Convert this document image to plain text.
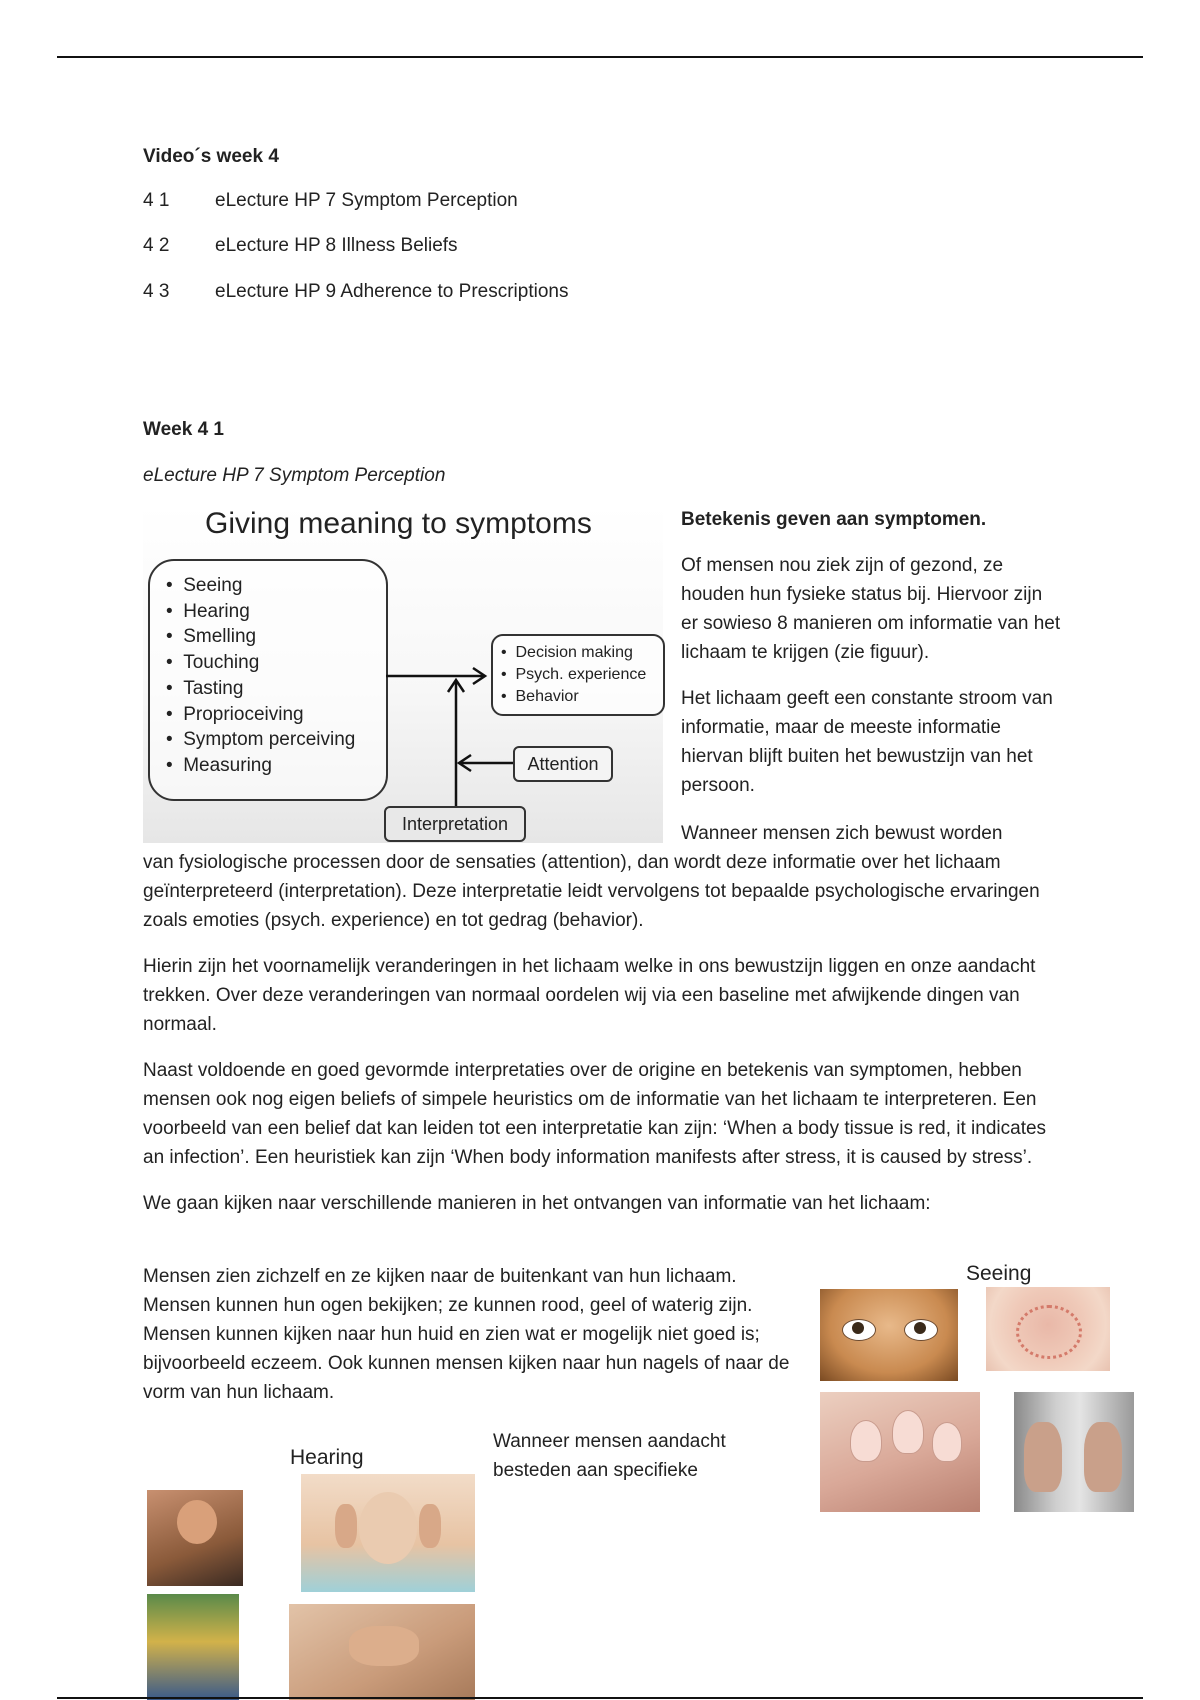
Video´s week 4
4 1 eLecture HP 7 Symptom Perception
4 2 eLecture HP 8 Illness Beliefs
4 3 eLecture HP 9 Adherence to Prescriptions
Week 4 1
eLecture HP 7 Symptom Perception
Giving meaning to symptoms
•  Seeing
•  Hearing
•  Smelling
•  Touching
•  Tasting
•  Proprioceiving
•  Symptom perceiving
•  Measuring
•  Decision making
•  Psych. experience
•  Behavior
Attention
Interpretation

Betekenis geven aan symptomen.

Of mensen nou ziek zijn of gezond, ze houden hun fysieke status bij. Hiervoor zijn er sowieso 8 manieren om informatie van het lichaam te krijgen (zie figuur).

Het lichaam geeft een constante stroom van informatie, maar de meeste informatie hiervan blijft buiten het bewustzijn van het persoon.

Wanneer mensen zich bewust worden

van fysiologische processen door de sensaties (attention), dan wordt deze informatie over het lichaam geïnterpreteerd (interpretation). Deze interpretatie leidt vervolgens tot bepaalde psychologische ervaringen zoals emoties (psych. experience) en tot gedrag (behavior).

Hierin zijn het voornamelijk veranderingen in het lichaam welke in ons bewustzijn liggen en onze aandacht trekken. Over deze veranderingen van normaal oordelen wij via een baseline met afwijkende dingen van normaal.

Naast voldoende en goed gevormde interpretaties over de origine en betekenis van symptomen, hebben mensen ook nog eigen beliefs of simpele heuristics om de informatie van het lichaam te interpreteren. Een voorbeeld van een belief dat kan leiden tot een interpretatie kan zijn: ‘When a body tissue is red, it indicates an infection’. Een heuristiek kan zijn ‘When body information manifests after stress, it is caused by stress’.

We gaan kijken naar verschillende manieren in het ontvangen van informatie van het lichaam:

Mensen zien zichzelf en ze kijken naar de buitenkant van hun lichaam. Mensen kunnen hun ogen bekijken; ze kunnen rood, geel of waterig zijn. Mensen kunnen kijken naar hun huid en zien wat er mogelijk niet goed is; bijvoorbeeld eczeem. Ook kunnen mensen kijken naar hun nagels of naar de vorm van hun lichaam.

Wanneer mensen aandacht besteden aan specifieke

Seeing
Hearing
